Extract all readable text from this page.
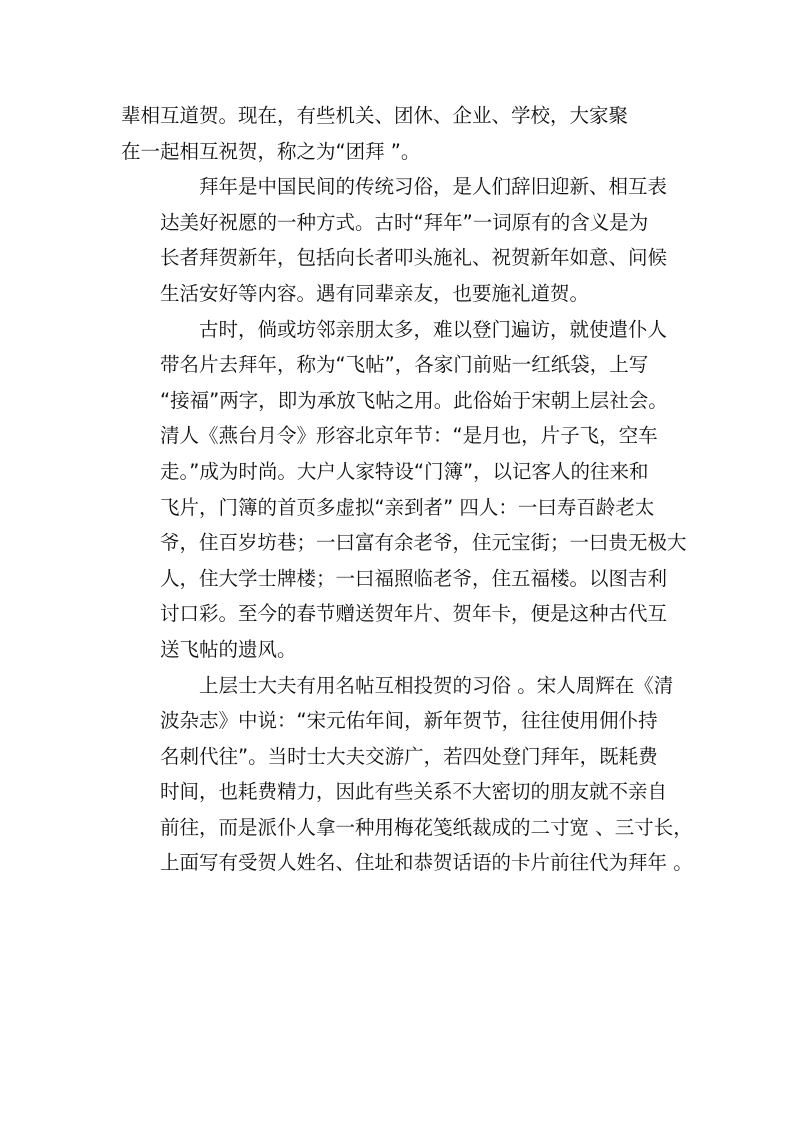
辈相互道贺。现在，有些机关、团休、企业、学校，大家聚
在一起相互祝贺，称之为“团拜 ”。
拜年是中国民间的传统习俗，是人们辞旧迎新、相互表
达美好祝愿的一种方式。古时“拜年”一词原有的含义是为
长者拜贺新年，包括向长者叩头施礼、祝贺新年如意、问候
生活安好等内容。遇有同辈亲友，也要施礼道贺。
古时，倘或坊邻亲朋太多，难以登门遍访，就使遣仆人
带名片去拜年，称为“飞帖”，各家门前贴一红纸袋，上写
“接福”两字，即为承放飞帖之用。此俗始于宋朝上层社会。
清人《燕台月令》形容北京年节：“是月也，片子飞，空车
走。”成为时尚。大户人家特设“门簿”，以记客人的往来和
飞片，门簿的首页多虚拟“亲到者” 四人：一曰寿百龄老太
爷，住百岁坊巷；一曰富有余老爷，住元宝街；一曰贵无极大
人，住大学士牌楼；一曰福照临老爷，住五福楼。以图吉利
讨口彩。至今的春节赠送贺年片、贺年卡，便是这种古代互
送飞帖的遗风。
上层士大夫有用名帖互相投贺的习俗 。宋人周辉在《清
波杂志》中说：“宋元佑年间，新年贺节，往往使用佣仆持
名刺代往”。当时士大夫交游广，若四处登门拜年，既耗费
时间，也耗费精力，因此有些关系不大密切的朋友就不亲自
前往，而是派仆人拿一种用梅花笺纸裁成的二寸宽 、三寸长，
上面写有受贺人姓名、住址和恭贺话语的卡片前往代为拜年 。
